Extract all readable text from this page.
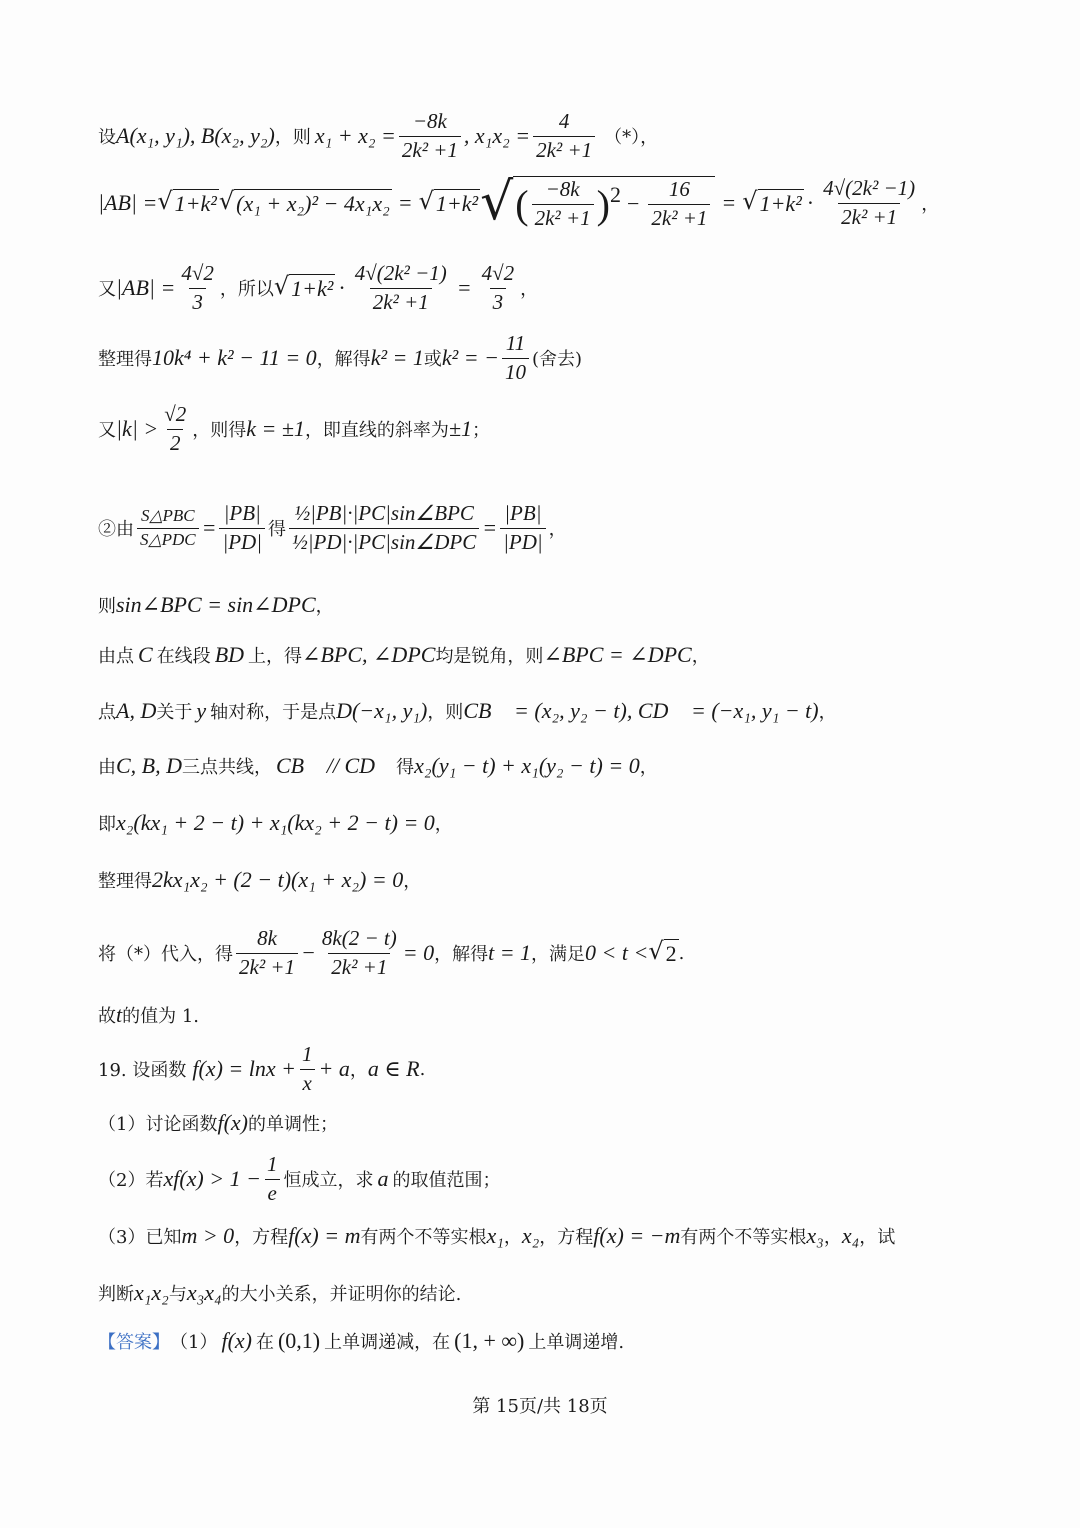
设 A(x₁, y₁), B(x₂, y₂) ，则 $x_1 + x_2 = \frac{-8k}{\text{2k² +1}}$ , $x_1x_2 = \frac{4}{\text{2k² +1}}$ （*），
|AB| = √ 1+k² √ (x₁ + x₂)² − 4x₁x₂ = √ 1+k² √ ( $\frac{-8k}{\text{2k² +1}}$ ) $2 - \frac{16}{\text{2k² +1}}$ = √ $1+k^2 \cdot \frac{\text{4√(2k² −1)}}{\text{2k² +1}}$ ，
又 $|AB| = \frac{4√2}{3}$ ，所以 √ $1+k^2 \cdot \frac{\text{4√(2k² −1)}}{\text{2k² +1}} = \frac{4√2}{3}$ ，
整理得 10k⁴ + k² − 11 = 0 ，解得 k² = 1 或 k² = − $\frac{11}{10}$ (舍去)
又 $|k| > \frac{√2}{2}$ ，则得 k = ±1 ，即直线的斜率为 ±1 ；
②由 $\frac{\text{S△PBC}}{\text{S△PDC}} = \frac{|PB|}{|PD|}$ 得 $\frac{\text{½|PB|·|PC|sin∠BPC}}{\text{½|PD|·|PC|sin∠DPC}} = \frac{|PB|}{|PD|}$ ，
则 sin∠BPC = sin∠DPC ，
由点 C 在线段 BD 上，得 ∠BPC, ∠DPC 均是锐角，则 ∠BPC = ∠DPC ，
点 A, D 关于 y 轴对称，于是点 D(−x₁, y₁) ，则 CB⃗ = (x₂, y₂ − t), CD⃗ = (−x₁, y₁ − t) ，
由 C, B, D 三点共线， CB⃗ // CD⃗ 得 x₂(y₁ − t) + x₁(y₂ − t) = 0 ，
即 x₂(kx₁ + 2 − t) + x₁(kx₂ + 2 − t) = 0 ，
整理得 2kx₁x₂ + (2 − t)(x₁ + x₂) = 0 ，
将（*）代入，得 $\frac{8k}{\text{2k² +1}} - \frac{8k(2 - t)}{\text{2k² +1}} = 0$ ，解得 t = 1 ，满足 0 < t < √ 2 .
故 t 的值为 1.
19. 设函数 $f(x) = \ln x + \frac{1}{x} + a$ ， a ∈ R .
（1）讨论函数 f(x) 的单调性；
（2）若 $xf(x) > 1 - \frac{1}{e}$ 恒成立，求 a 的取值范围；
（3）已知 m > 0 ，方程 f(x) = m 有两个不等实根 x₁ ， x₂ ，方程 f(x) = −m 有两个不等实根 x₃ ， x₄ ，试
判断 x₁x₂ 与 x₃x₄ 的大小关系，并证明你的结论.
【答案】 （1） f(x) 在 (0,1) 上单调递减，在 (1, + ∞) 上单调递增.
第 15页/共 18页
